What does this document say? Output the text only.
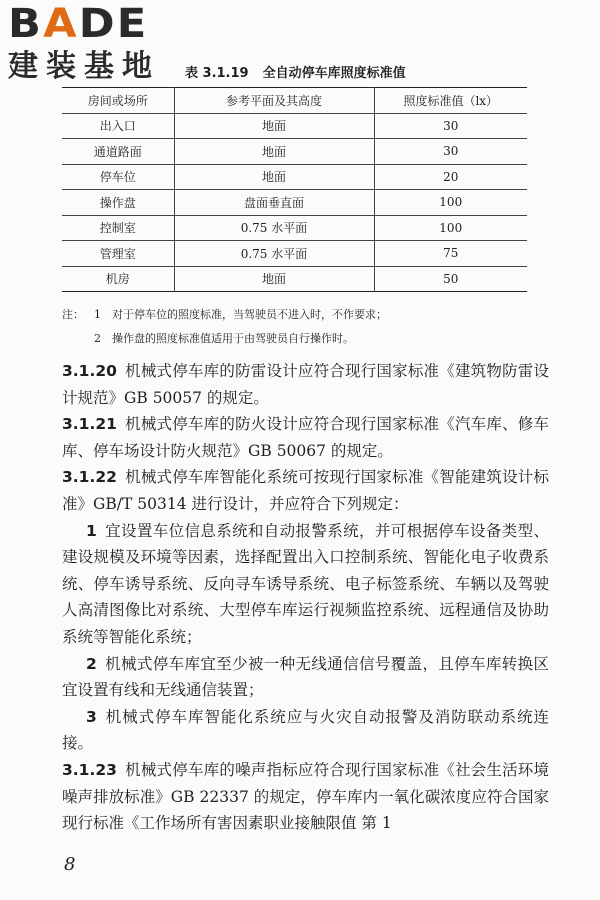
BADE
建装基地	表 3.1.19 全自动停车库照度标准值
房间或场所	参考平面及其高度	照度标准值（lx）
出入口	地面	30
通道路面	地面	30
停车位	地面	20
操作盘	盘面垂直面	100
控制室	0.75 水平面	100
管理室	0.75 水平面	75
机房	地面	50
注： 1	对于停车位的照度标准，当驾驶员不进入时，不作要求；
2	操作盘的照度标准值适用于由驾驶员自行操作时。

3.1.20 机械式停车库的防雷设计应符合现行国家标准《建筑物防雷设计规范》GB 50057 的规定。

3.1.21 机械式停车库的防火设计应符合现行国家标准《汽车库、修车库、停车场设计防火规范》GB 50067 的规定。

3.1.22 机械式停车库智能化系统可按现行国家标准《智能建筑设计标准》GB/T 50314 进行设计，并应符合下列规定：

1 宜设置车位信息系统和自动报警系统，并可根据停车设备类型、建设规模及环境等因素，选择配置出入口控制系统、智能化电子收费系统、停车诱导系统、反向寻车诱导系统、电子标签系统、车辆以及驾驶人高清图像比对系统、大型停车库运行视频监控系统、远程通信及协助系统等智能化系统；

2 机械式停车库宜至少被一种无线通信信号覆盖，且停车库转换区宜设置有线和无线通信装置；

3 机械式停车库智能化系统应与火灾自动报警及消防联动系统连接。

3.1.23 机械式停车库的噪声指标应符合现行国家标准《社会生活环境噪声排放标准》GB 22337 的规定，停车库内一氧化碳浓度应符合国家现行标准《工作场所有害因素职业接触限值 第 1

8
